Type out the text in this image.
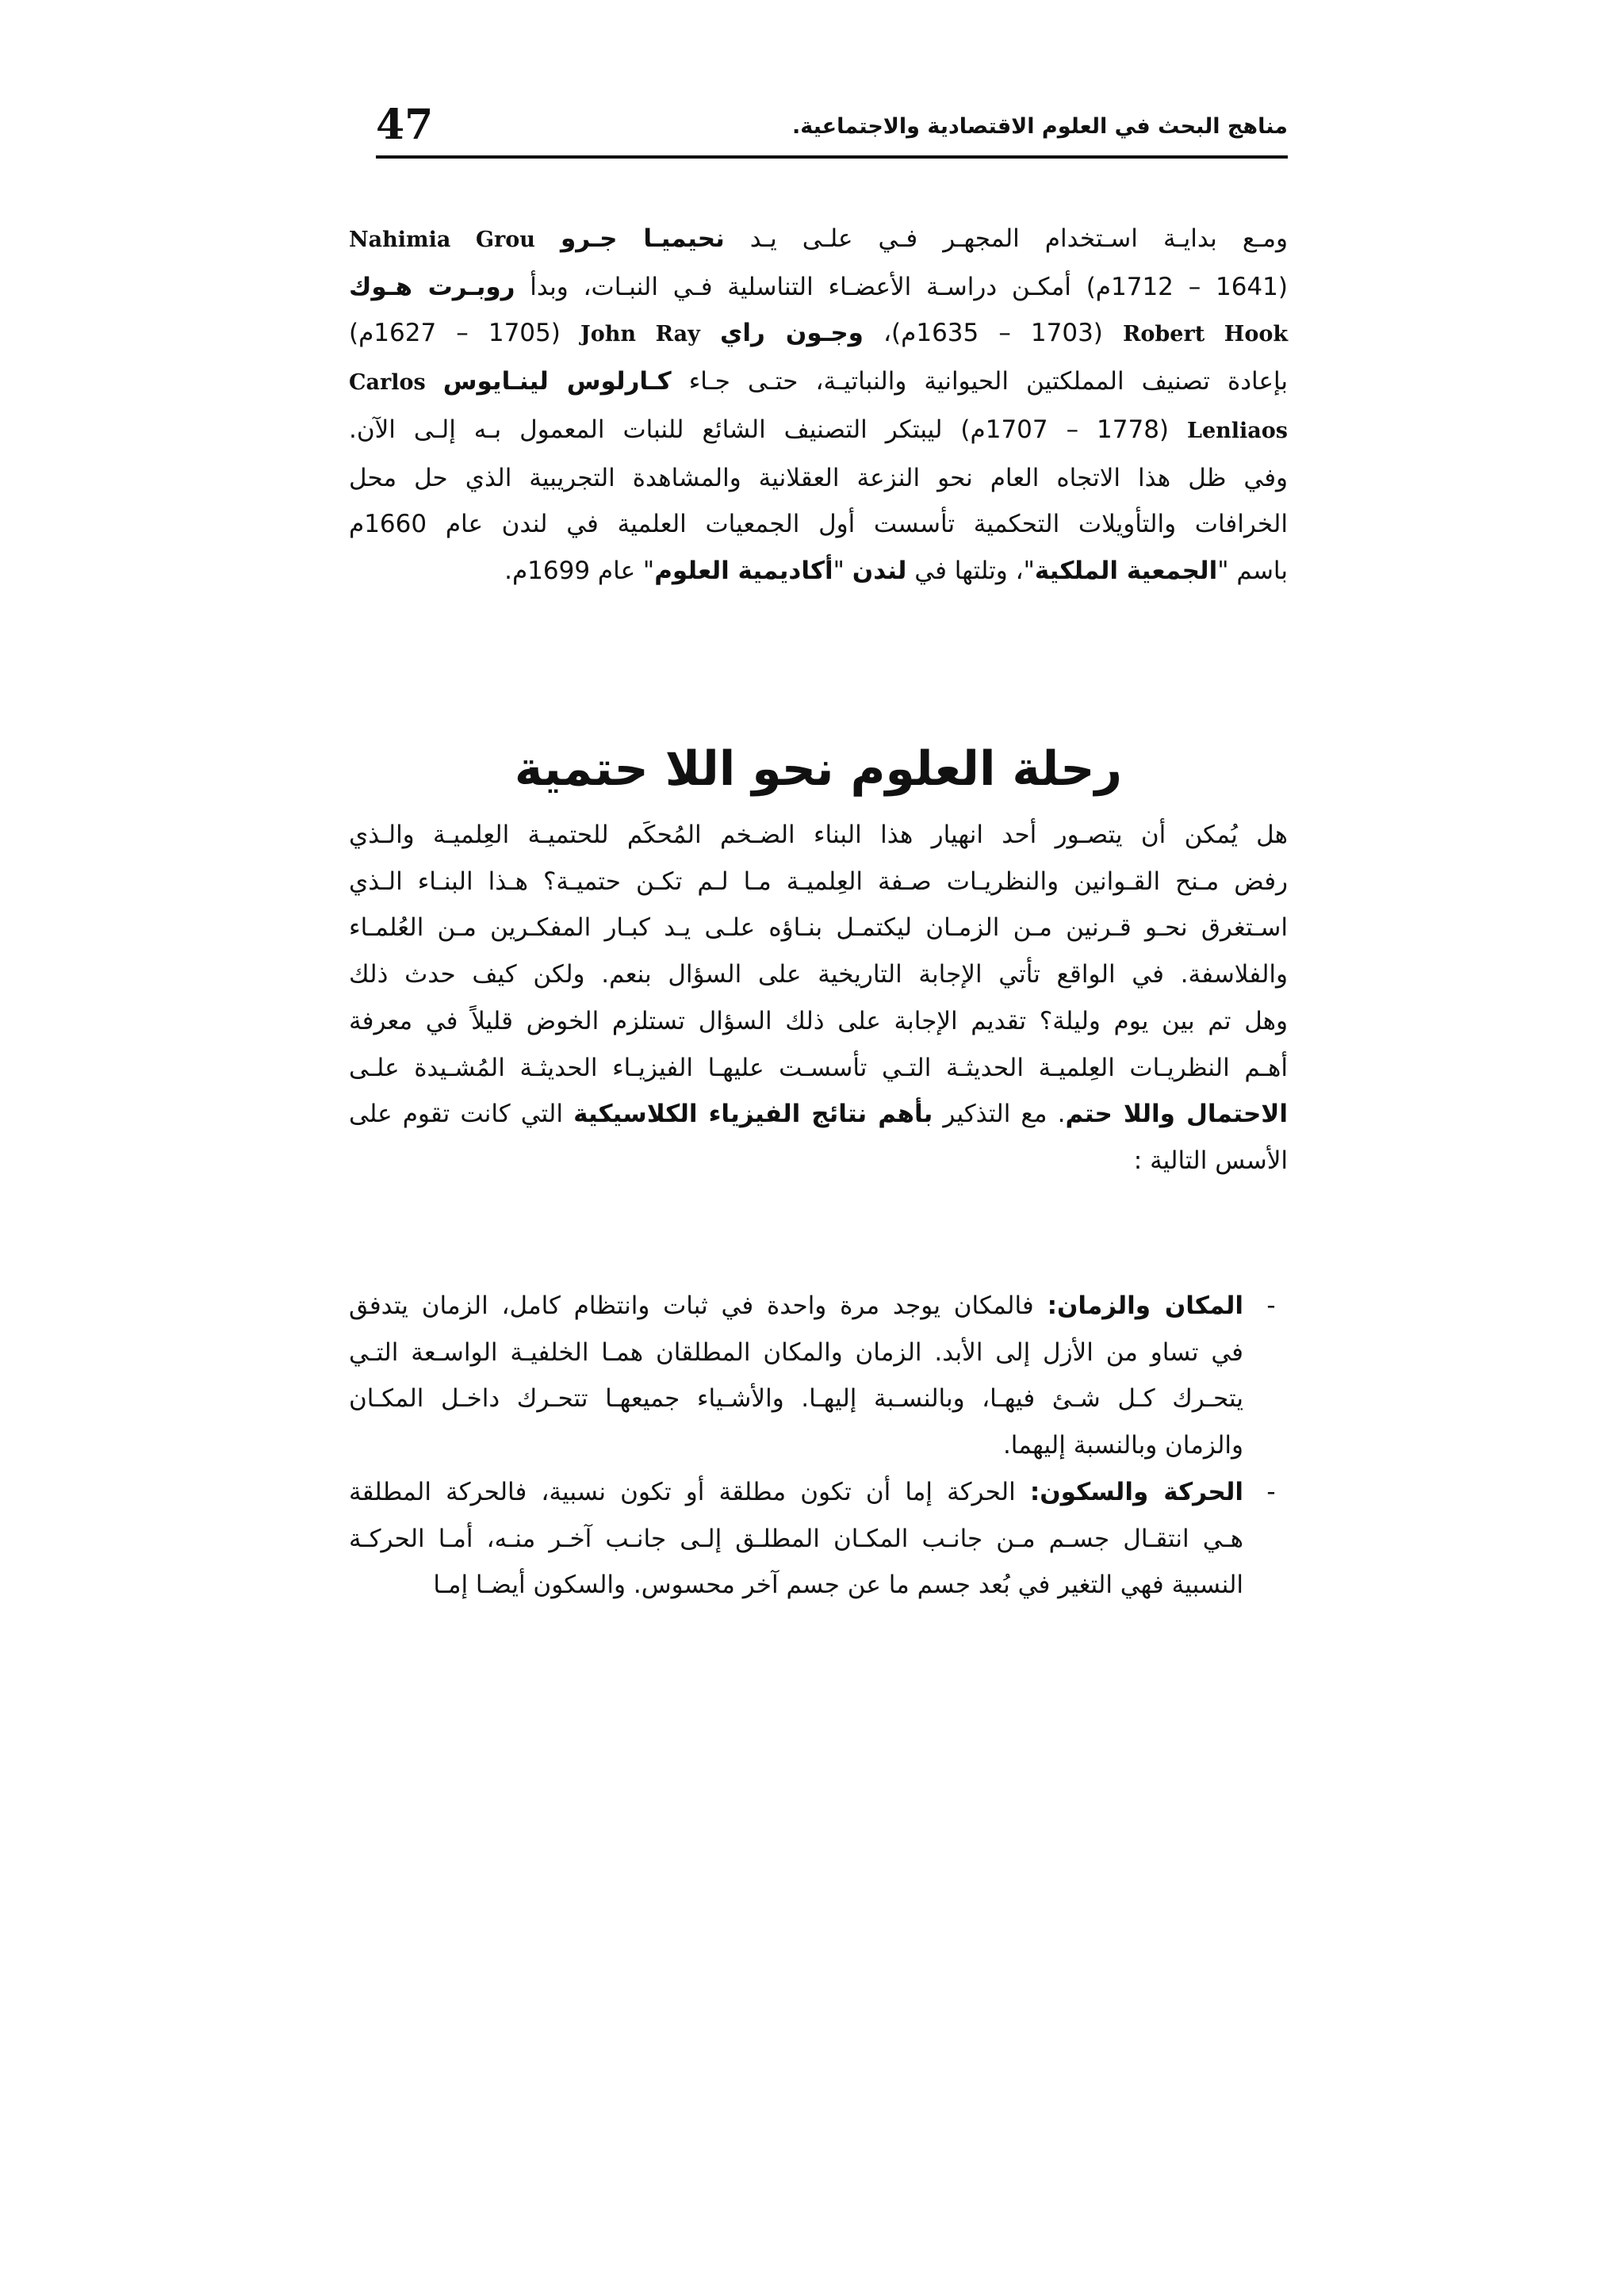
47	مناهج البحث في العلوم الاقتصادية والاجتماعية.
ومـع بدايـة اسـتخدام المجهـر فـي علـى يـد نحيميـا جـرو Nahimia Grou
(1641 – 1712م) أمكـن دراسـة الأعضـاء التناسلية فـي النبـات، وبدأ روبـرت هـوك
Robert Hook (1635 – 1703م)، وجـون راي John Ray (1627 – 1705م)
بإعادة تصنيف المملكتين الحيوانية والنباتيـة، حتـى جـاء كـارلوس لينـايوس Carlos
Lenliaos (1707 – 1778م) ليبتكر التصنيف الشائع للنبات المعمول بـه إلـى الآن.
وفي ظل هذا الاتجاه العام نحو النزعة العقلانية والمشاهدة التجريبية الذي حل محل
الخرافات والتأويلات التحكمية تأسست أول الجمعيات العلمية في لندن عام 1660م
باسم "الجمعية الملكية"، وتلتها في لندن "أكاديمية العلوم" عام 1699م.
رحلة العلوم نحو اللا حتمية
هل يُمكن أن يتصـور أحد انهيار هذا البناء الضـخم المُحكَم للحتميـة العِلميـة والـذي
رفض مـنح القـوانين والنظريـات صـفة العِلميـة مـا لـم تكـن حتميـة؟ هـذا البنـاء الـذي
اسـتغرق نحـو قـرنين مـن الزمـان ليكتمـل بنـاؤه علـى يـد كبـار المفكـرين مـن العُلمـاء
والفلاسفة. في الواقع تأتي الإجابة التاريخية على السؤال بنعم. ولكن كيف حدث ذلك
وهل تم بين يوم وليلة؟ تقديم الإجابة على ذلك السؤال تستلزم الخوض قليلاً في معرفة
أهـم النظريـات العِلميـة الحديثـة التـي تأسسـت عليهـا الفيزيـاء الحديثـة المُشـيدة علـى
الاحتمال واللا حتم. مع التذكير بأهم نتائج الفيزياء الكلاسيكية التي كانت تقوم على
الأسس التالية :
-
المكان والزمان: فالمكان يوجد مرة واحدة في ثبات وانتظام كامل، الزمان يتدفق
في تساو من الأزل إلى الأبد. الزمان والمكان المطلقان همـا الخلفيـة الواسـعة التـي
يتحـرك كـل شـئ فيهـا، وبالنسـبة إليهـا. والأشـياء جميعهـا تتحـرك داخـل المكـان
والزمان وبالنسبة إليهما.
-
الحركة والسكون: الحركة إما أن تكون مطلقة أو تكون نسبية، فالحركة المطلقة
هـي انتقـال جسـم مـن جانـب المكـان المطلـق إلـى جانـب آخـر منـه، أمـا الحركـة
النسبية فهي التغير في بُعد جسم ما عن جسم آخر محسوس. والسكون أيضـا إمـا
